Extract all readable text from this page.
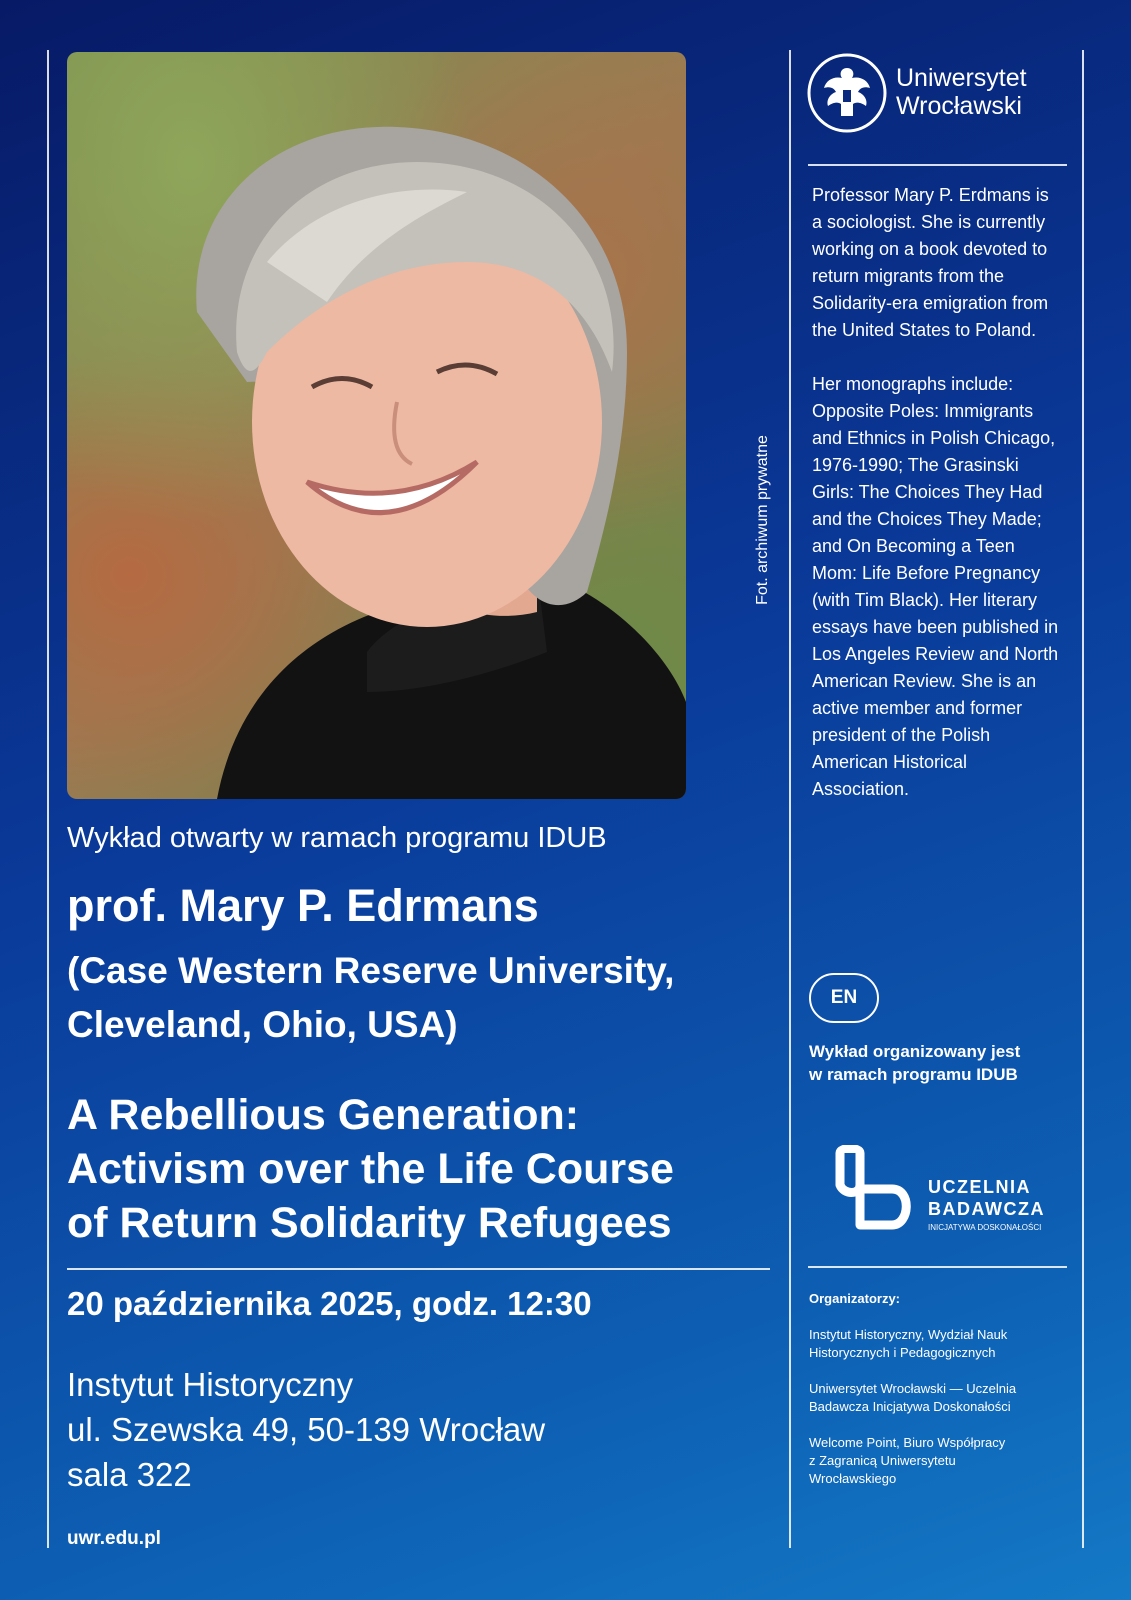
Fot. archiwum prywatne
Wykład otwarty w ramach programu IDUB
prof. Mary P. Edrmans
(Case Western Reserve University,
Cleveland, Ohio, USA)
A Rebellious Generation:
Activism over the Life Course
of Return Solidarity Refugees
20 października 2025, godz. 12:30
Instytut Historyczny
ul. Szewska 49, 50-139 Wrocław
sala 322
uwr.edu.pl
Uniwersytet
Wrocławski

Professor Mary P. Erdmans is a sociologist. She is currently working on a book devoted to return migrants from the Solidarity-era emigration from the United States to Poland.

Her monographs include: Opposite Poles: Immigrants and Ethnics in Polish Chicago, 1976-1990; The Grasinski Girls: The Choices They Had and the Choices They Made; and On Becoming a Teen Mom: Life Before Pregnancy (with Tim Black). Her literary essays have been published in Los Angeles Review and North American Review. She is an active member and former president of the Polish American Historical Association.

EN
Wykład organizowany jest
w ramach programu IDUB
UCZELNIA
BADAWCZA
INICJATYWA DOSKONAŁOŚCI
Organizatorzy:
Instytut Historyczny, Wydział Nauk
Historycznych i Pedagogicznych
Uniwersytet Wrocławski — Uczelnia
Badawcza Inicjatywa Doskonałości
Welcome Point, Biuro Współpracy
z Zagranicą Uniwersytetu
Wrocławskiego
